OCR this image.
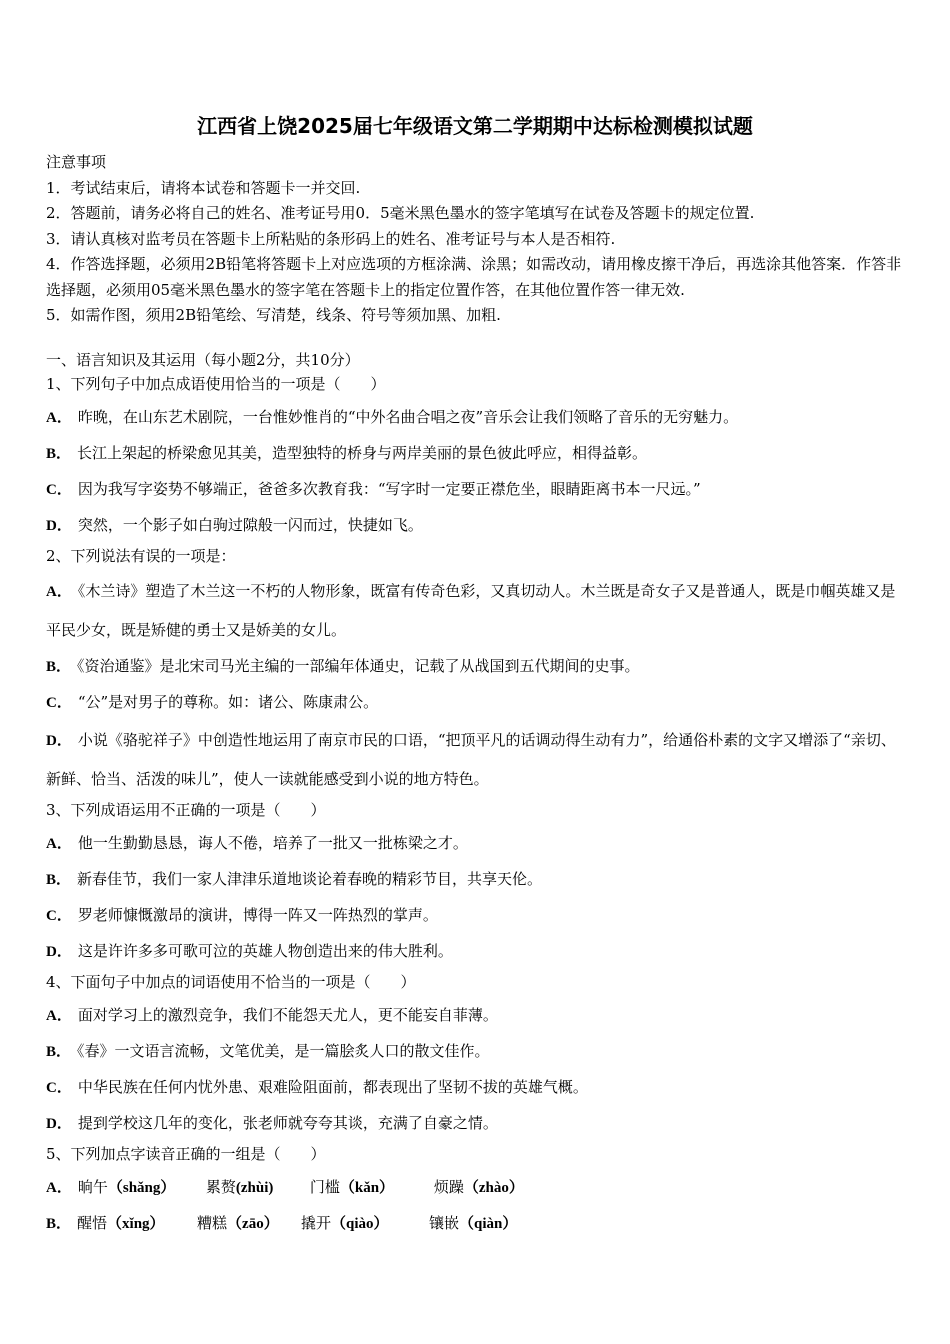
江西省上饶2025届七年级语文第二学期期中达标检测模拟试题

注意事项

1．考试结束后，请将本试卷和答题卡一并交回.

2．答题前，请务必将自己的姓名、准考证号用0．5毫米黑色墨水的签字笔填写在试卷及答题卡的规定位置.

3．请认真核对监考员在答题卡上所粘贴的条形码上的姓名、准考证号与本人是否相符.

4．作答选择题，必须用2B铅笔将答题卡上对应选项的方框涂满、涂黑；如需改动，请用橡皮擦干净后，再选涂其他答案．作答非选择题，必须用05毫米黑色墨水的签字笔在答题卡上的指定位置作答，在其他位置作答一律无效.

5．如需作图，须用2B铅笔绘、写清楚，线条、符号等须加黑、加粗.

一、语言知识及其运用（每小题2分，共10分）

1、下列句子中加点成语使用恰当的一项是（　　）

A． 昨晚，在山东艺术剧院，一台惟妙惟肖的“中外名曲合唱之夜”音乐会让我们领略了音乐的无穷魅力。

B． 长江上架起的桥梁愈见其美，造型独特的桥身与两岸美丽的景色彼此呼应，相得益彰。

C． 因为我写字姿势不够端正，爸爸多次教育我：“写字时一定要正襟危坐，眼睛距离书本一尺远。”

D． 突然，一个影子如白驹过隙般一闪而过，快捷如飞。

2、下列说法有误的一项是：

A． 《木兰诗》塑造了木兰这一不朽的人物形象，既富有传奇色彩，又真切动人。木兰既是奇女子又是普通人，既是巾帼英雄又是平民少女，既是矫健的勇士又是娇美的女儿。

B． 《资治通鉴》是北宋司马光主编的一部编年体通史，记载了从战国到五代期间的史事。

C． “公”是对男子的尊称。如：诸公、陈康肃公。

D． 小说《骆驼祥子》中创造性地运用了南京市民的口语，“把顶平凡的话调动得生动有力”，给通俗朴素的文字又增添了“亲切、新鲜、恰当、活泼的味儿”，使人一读就能感受到小说的地方特色。

3、下列成语运用不正确的一项是（　　）

A． 他一生勤勤恳恳，诲人不倦，培养了一批又一批栋梁之才。

B． 新春佳节，我们一家人津津乐道地谈论着春晚的精彩节目，共享天伦。

C． 罗老师慷慨激昂的演讲，博得一阵又一阵热烈的掌声。

D． 这是许许多多可歌可泣的英雄人物创造出来的伟大胜利。

4、下面句子中加点的词语使用不恰当的一项是（　　）

A． 面对学习上的激烈竞争，我们不能怨天尤人，更不能妄自菲薄。

B． 《春》一文语言流畅，文笔优美，是一篇脍炙人口的散文佳作。

C． 中华民族在任何内忧外患、艰难险阻面前，都表现出了坚韧不拔的英雄气概。

D． 提到学校这几年的变化，张老师就夸夸其谈，充满了自豪之情。

5、下列加点字读音正确的一组是（　　）

A． 晌午（shǎng） 累赘(zhùi) 门槛（kǎn）	烦躁（zhào）

B． 醒悟（xǐng） 糟糕（zāo） 撬开（qiào）	镶嵌（qiàn）
